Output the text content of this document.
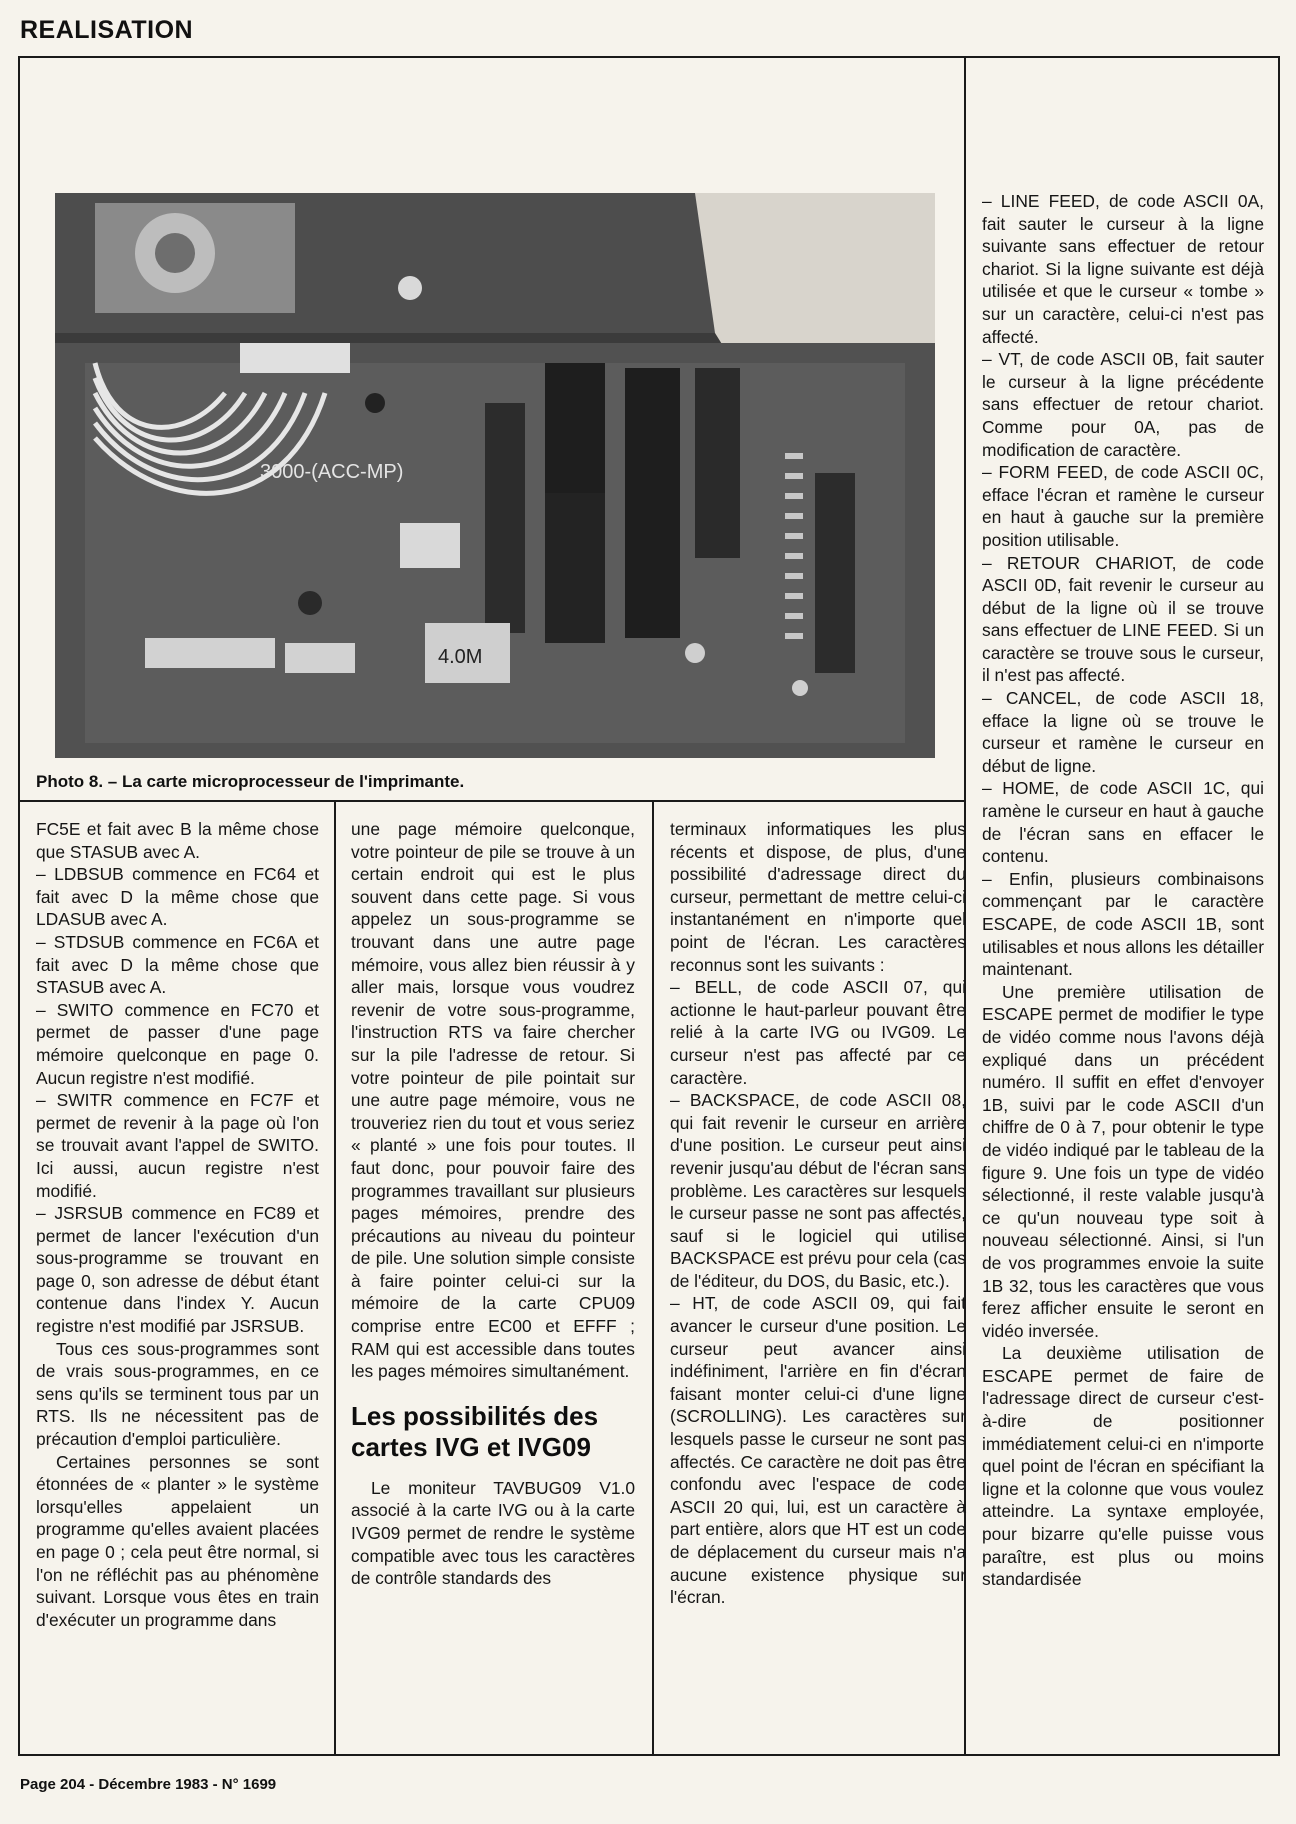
REALISATION
4.0M
3000-(ACC-MP)
Photo 8. – La carte microprocesseur de l'imprimante.

FC5E et fait avec B la même chose que STASUB avec A.

– LDBSUB commence en FC64 et fait avec D la même chose que LDASUB avec A.

– STDSUB commence en FC6A et fait avec D la même chose que STASUB avec A.

– SWITO commence en FC70 et permet de passer d'une page mémoire quelconque en page 0. Aucun registre n'est modifié.

– SWITR commence en FC7F et permet de revenir à la page où l'on se trouvait avant l'appel de SWITO. Ici aussi, aucun registre n'est modifié.

– JSRSUB commence en FC89 et permet de lancer l'exécution d'un sous-programme se trouvant en page 0, son adresse de début étant contenue dans l'index Y. Aucun registre n'est modifié par JSRSUB.

Tous ces sous-programmes sont de vrais sous-programmes, en ce sens qu'ils se terminent tous par un RTS. Ils ne nécessitent pas de précaution d'emploi particulière.

Certaines personnes se sont étonnées de « planter » le système lorsqu'elles appelaient un programme qu'elles avaient placées en page 0 ; cela peut être normal, si l'on ne réfléchit pas au phénomène suivant. Lorsque vous êtes en train d'exécuter un programme dans

une page mémoire quelconque, votre pointeur de pile se trouve à un certain endroit qui est le plus souvent dans cette page. Si vous appelez un sous-programme se trouvant dans une autre page mémoire, vous allez bien réussir à y aller mais, lorsque vous voudrez revenir de votre sous-programme, l'instruction RTS va faire chercher sur la pile l'adresse de retour. Si votre pointeur de pile pointait sur une autre page mémoire, vous ne trouveriez rien du tout et vous seriez « planté » une fois pour toutes. Il faut donc, pour pouvoir faire des programmes travaillant sur plusieurs pages mémoires, prendre des précautions au niveau du pointeur de pile. Une solution simple consiste à faire pointer celui-ci sur la mémoire de la carte CPU09 comprise entre EC00 et EFFF ; RAM qui est accessible dans toutes les pages mémoires simultanément.

Les possibilités des cartes IVG et IVG09

Le moniteur TAVBUG09 V1.0 associé à la carte IVG ou à la carte IVG09 permet de rendre le système compatible avec tous les caractères de contrôle standards des

terminaux informatiques les plus récents et dispose, de plus, d'une possibilité d'adressage direct du curseur, permettant de mettre celui-ci instantanément en n'importe quel point de l'écran. Les caractères reconnus sont les suivants :

– BELL, de code ASCII 07, qui actionne le haut-parleur pouvant être relié à la carte IVG ou IVG09. Le curseur n'est pas affecté par ce caractère.

– BACKSPACE, de code ASCII 08, qui fait revenir le curseur en arrière d'une position. Le curseur peut ainsi revenir jusqu'au début de l'écran sans problème. Les caractères sur lesquels le curseur passe ne sont pas affectés, sauf si le logiciel qui utilise BACKSPACE est prévu pour cela (cas de l'éditeur, du DOS, du Basic, etc.).

– HT, de code ASCII 09, qui fait avancer le curseur d'une position. Le curseur peut avancer ainsi indéfiniment, l'arrière en fin d'écran faisant monter celui-ci d'une ligne (SCROLLING). Les caractères sur lesquels passe le curseur ne sont pas affectés. Ce caractère ne doit pas être confondu avec l'espace de code ASCII 20 qui, lui, est un caractère à part entière, alors que HT est un code de déplacement du curseur mais n'a aucune existence physique sur l'écran.

– LINE FEED, de code ASCII 0A, fait sauter le curseur à la ligne suivante sans effectuer de retour chariot. Si la ligne suivante est déjà utilisée et que le curseur « tombe » sur un caractère, celui-ci n'est pas affecté.

– VT, de code ASCII 0B, fait sauter le curseur à la ligne précédente sans effectuer de retour chariot. Comme pour 0A, pas de modification de caractère.

– FORM FEED, de code ASCII 0C, efface l'écran et ramène le curseur en haut à gauche sur la première position utilisable.

– RETOUR CHARIOT, de code ASCII 0D, fait revenir le curseur au début de la ligne où il se trouve sans effectuer de LINE FEED. Si un caractère se trouve sous le curseur, il n'est pas affecté.

– CANCEL, de code ASCII 18, efface la ligne où se trouve le curseur et ramène le curseur en début de ligne.

– HOME, de code ASCII 1C, qui ramène le curseur en haut à gauche de l'écran sans en effacer le contenu.

– Enfin, plusieurs combinaisons commençant par le caractère ESCAPE, de code ASCII 1B, sont utilisables et nous allons les détailler maintenant.

Une première utilisation de ESCAPE permet de modifier le type de vidéo comme nous l'avons déjà expliqué dans un précédent numéro. Il suffit en effet d'envoyer 1B, suivi par le code ASCII d'un chiffre de 0 à 7, pour obtenir le type de vidéo indiqué par le tableau de la figure 9. Une fois un type de vidéo sélectionné, il reste valable jusqu'à ce qu'un nouveau type soit à nouveau sélectionné. Ainsi, si l'un de vos programmes envoie la suite 1B 32, tous les caractères que vous ferez afficher ensuite le seront en vidéo inversée.

La deuxième utilisation de ESCAPE permet de faire de l'adressage direct de curseur c'est-à-dire de positionner immédiatement celui-ci en n'importe quel point de l'écran en spécifiant la ligne et la colonne que vous voulez atteindre. La syntaxe employée, pour bizarre qu'elle puisse vous paraître, est plus ou moins standardisée

Page 204 - Décembre 1983 - N° 1699
